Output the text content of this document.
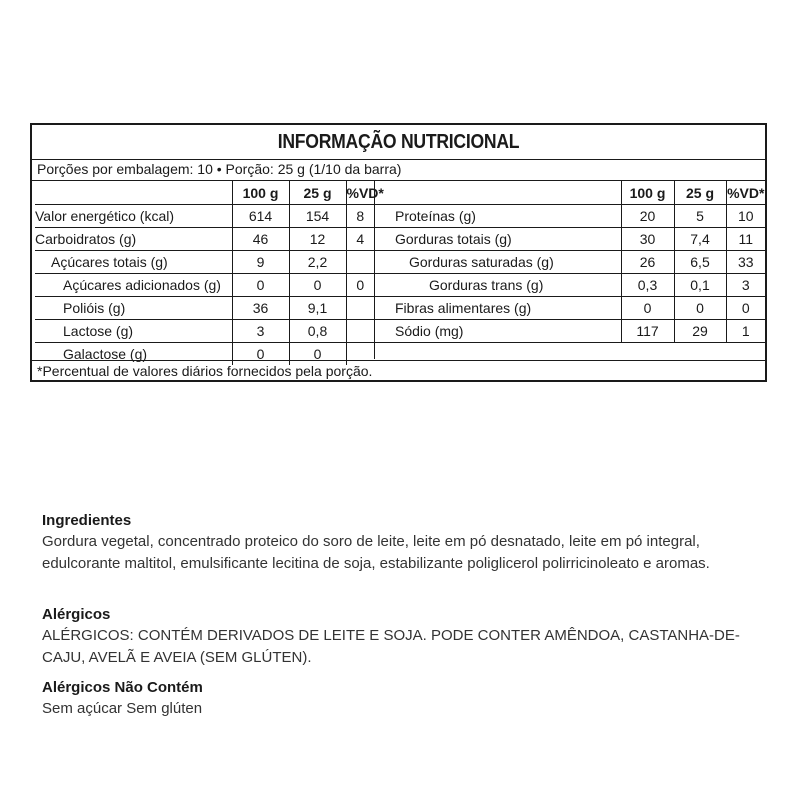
INFORMAÇÃO NUTRICIONAL
Porções por embalagem: 10 • Porção: 25 g (1/10 da barra)
	100 g	25 g	%VD*
Valor energético (kcal)	614	154	8
Carboidratos (g)	46	12	4
Açúcares totais (g)	9	2,2	
Açúcares adicionados (g)	0	0	0
Polióis (g)	36	9,1	
Lactose (g)	3	0,8	
Galactose (g)	0	0	
	100 g	25 g	%VD*
Proteínas (g)	20	5	10
Gorduras totais (g)	30	7,4	11
Gorduras saturadas (g)	26	6,5	33
Gorduras trans (g)	0,3	0,1	3
Fibras alimentares (g)	0	0	0
Sódio (mg)	117	29	1
*Percentual de valores diários fornecidos pela porção.
Ingredientes

Gordura vegetal, concentrado proteico do soro de leite, leite em pó desnatado, leite em pó integral, edulcorante maltitol, emulsificante lecitina de soja, estabilizante poliglicerol polirricinoleato e aromas.

Alérgicos

ALÉRGICOS: CONTÉM DERIVADOS DE LEITE E SOJA. PODE CONTER AMÊNDOA, CASTANHA-DE-CAJU, AVELÃ E AVEIA (SEM GLÚTEN).

Alérgicos Não Contém

Sem açúcar Sem glúten
